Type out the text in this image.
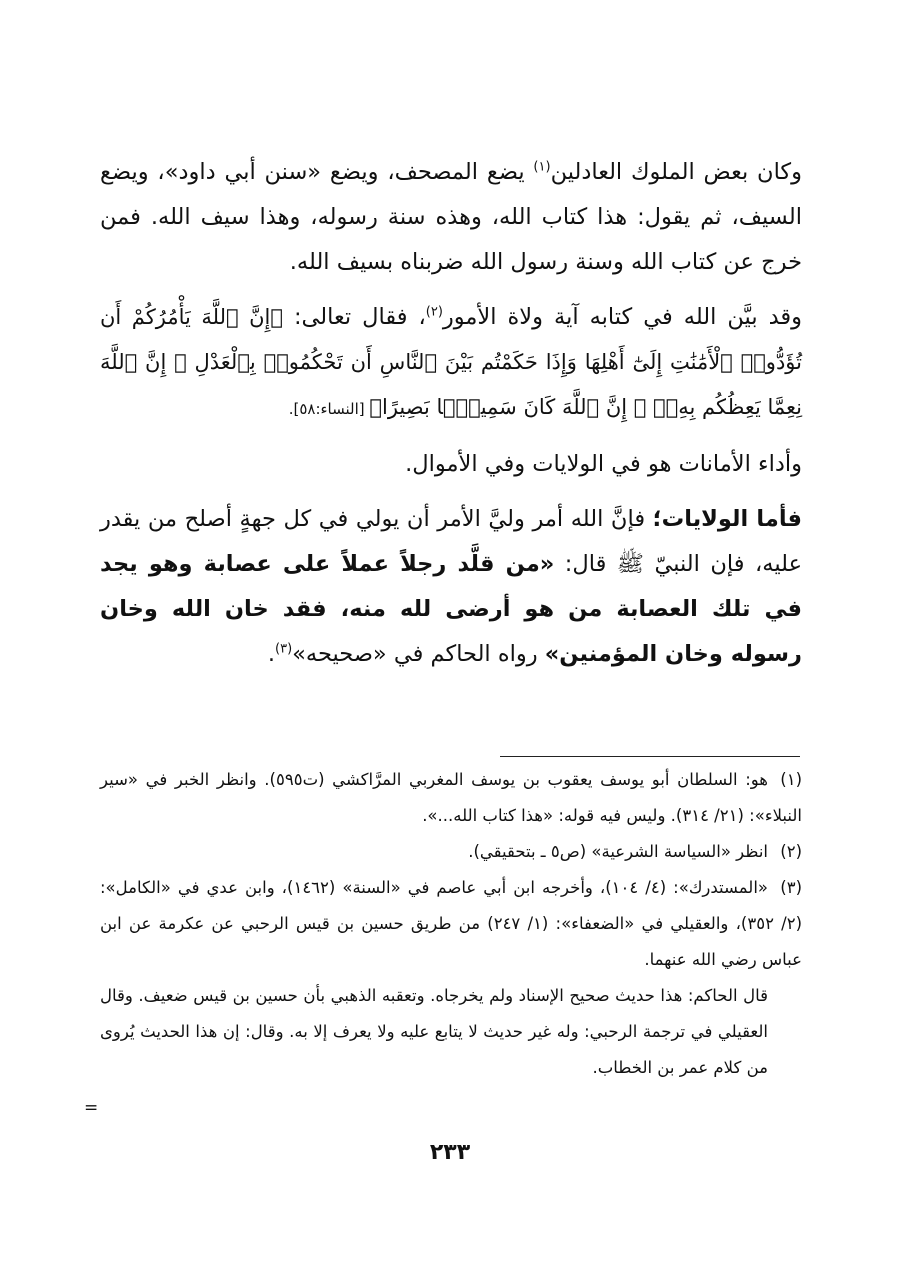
وكان بعض الملوك العادلين$^{(١)}$ يضع المصحف، ويضع «سنن أبي داود»، ويضع السيف، ثم يقول: هذا كتاب الله، وهذه سنة رسوله، وهذا سيف الله. فمن خرج عن كتاب الله وسنة رسول الله ضربناه بسيف الله.

وقد بيَّن الله في كتابه آية ولاة الأمور$^{(٢)}$، فقال تعالى: ﴿إِنَّ ٱللَّهَ يَأْمُرُكُمْ أَن تُؤَدُّوا۟ ٱلْأَمَٰنَٰتِ إِلَىٰٓ أَهْلِهَا وَإِذَا حَكَمْتُم بَيْنَ ٱلنَّاسِ أَن تَحْكُمُوا۟ بِٱلْعَدْلِ ۚ إِنَّ ٱللَّهَ نِعِمَّا يَعِظُكُم بِهِۦٓ ۗ إِنَّ ٱللَّهَ كَانَ سَمِيعًۢا بَصِيرًا﴾ [النساء:٥٨].

وأداء الأمانات هو في الولايات وفي الأموال.

فأما الولايات؛ فإنَّ الله أمر وليَّ الأمر أن يولي في كل جهةٍ أصلح من يقدر عليه، فإن النبيّ ﷺ قال: «من قلَّد رجلاً عملاً على عصابة وهو يجد في تلك العصابة من هو أرضى لله منه، فقد خان الله وخان رسوله وخان المؤمنين» رواه الحاكم في «صحيحه»$^{(٣)}$.

(١)هو: السلطان أبو يوسف يعقوب بن يوسف المغربي المرَّاكشي (ت٥٩٥). وانظر الخبر في «سير النبلاء»: (٢١/ ٣١٤). وليس فيه قوله: «هذا كتاب الله...».

(٢)انظر «السياسة الشرعية» (ص٥ ـ بتحقيقي).

(٣)«المستدرك»: (٤/ ١٠٤)، وأخرجه ابن أبي عاصم في «السنة» (١٤٦٢)، وابن عدي في «الكامل»: (٢/ ٣٥٢)، والعقيلي في «الضعفاء»: (١/ ٢٤٧) من طريق حسين بن قيس الرحبي عن عكرمة عن ابن عباس رضي الله عنهما.

قال الحاكم: هذا حديث صحيح الإسناد ولم يخرجاه. وتعقبه الذهبي بأن حسين بن قيس ضعيف. وقال العقيلي في ترجمة الرحبي: وله غير حديث لا يتابع عليه ولا يعرف إلا به. وقال: إن هذا الحديث يُروى من كلام عمر بن الخطاب.

=
٢٣٣
